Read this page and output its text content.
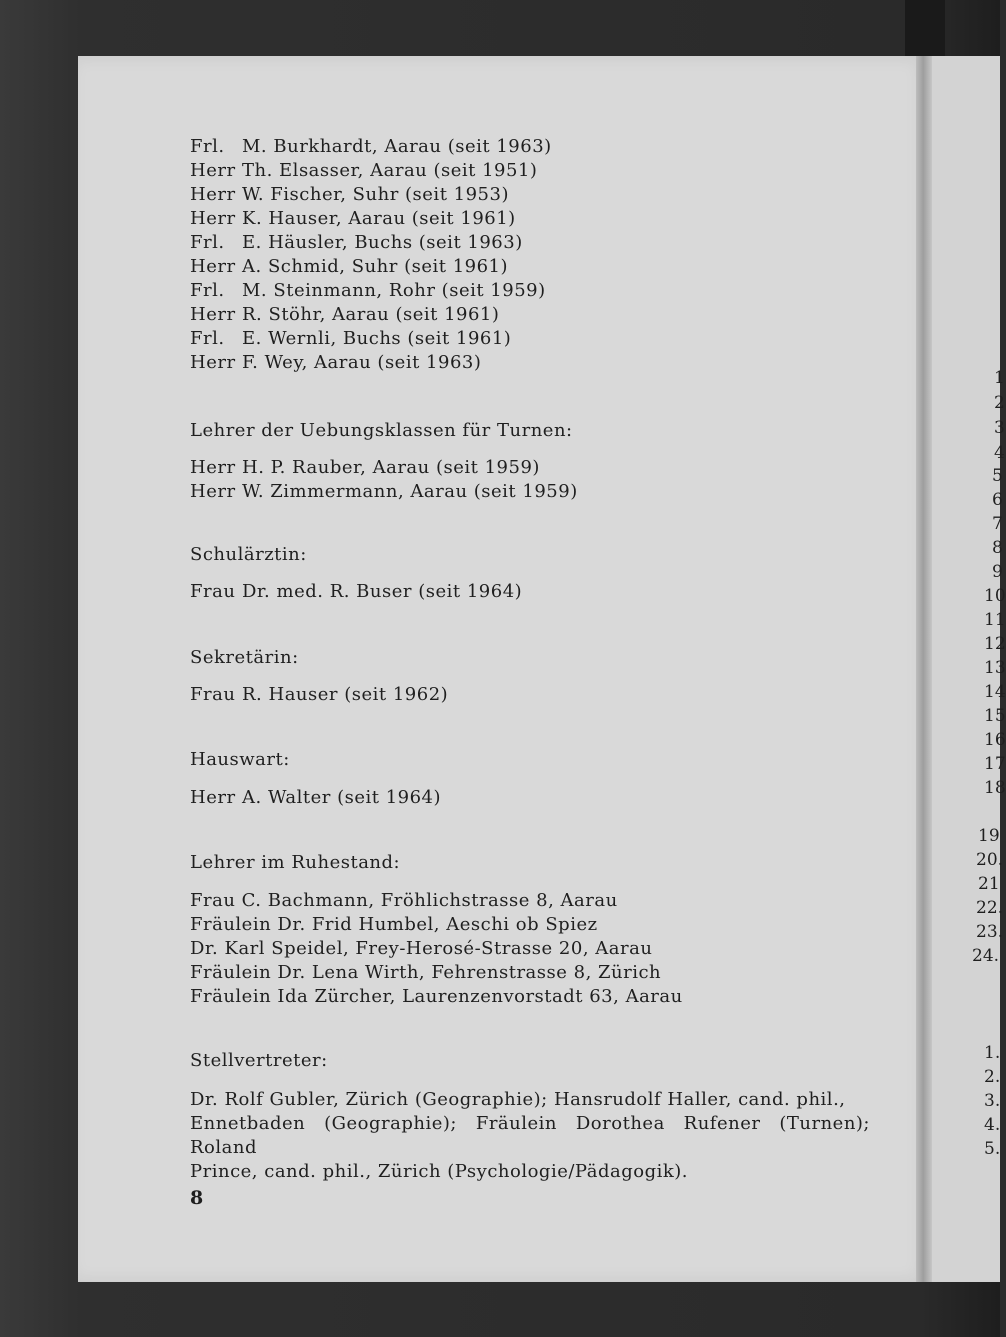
Frl. M. Burkhardt, Aarau (seit 1963)
Herr Th. Elsasser, Aarau (seit 1951)
Herr W. Fischer, Suhr (seit 1953)
Herr K. Hauser, Aarau (seit 1961)
Frl. E. Häusler, Buchs (seit 1963)
Herr A. Schmid, Suhr (seit 1961)
Frl. M. Steinmann, Rohr (seit 1959)
Herr R. Stöhr, Aarau (seit 1961)
Frl. E. Wernli, Buchs (seit 1961)
Herr F. Wey, Aarau (seit 1963)
Lehrer der Uebungsklassen für Turnen:
Herr H. P. Rauber, Aarau (seit 1959)
Herr W. Zimmermann, Aarau (seit 1959)
Schulärztin:
Frau Dr. med. R. Buser (seit 1964)
Sekretärin:
Frau R. Hauser (seit 1962)
Hauswart:
Herr A. Walter (seit 1964)
Lehrer im Ruhestand:
Frau C. Bachmann, Fröhlichstrasse 8, Aarau
Fräulein Dr. Frid Humbel, Aeschi ob Spiez
Dr. Karl Speidel, Frey-Herosé-Strasse 20, Aarau
Fräulein Dr. Lena Wirth, Fehrenstrasse 8, Zürich
Fräulein Ida Zürcher, Laurenzenvorstadt 63, Aarau
Stellvertreter:
Dr. Rolf Gubler, Zürich (Geographie); Hansrudolf Haller, cand. phil.,
Ennetbaden (Geographie); Fräulein Dorothea Rufener (Turnen); Roland
Prince, cand. phil., Zürich (Psychologie/Pädagogik).
8
1
2
3
4
5
6
7
8
9
10
11
12
13
14
15
16
17
18
19
20.
21
22.
23.
24.
1.
2.
3.
4.
5.
